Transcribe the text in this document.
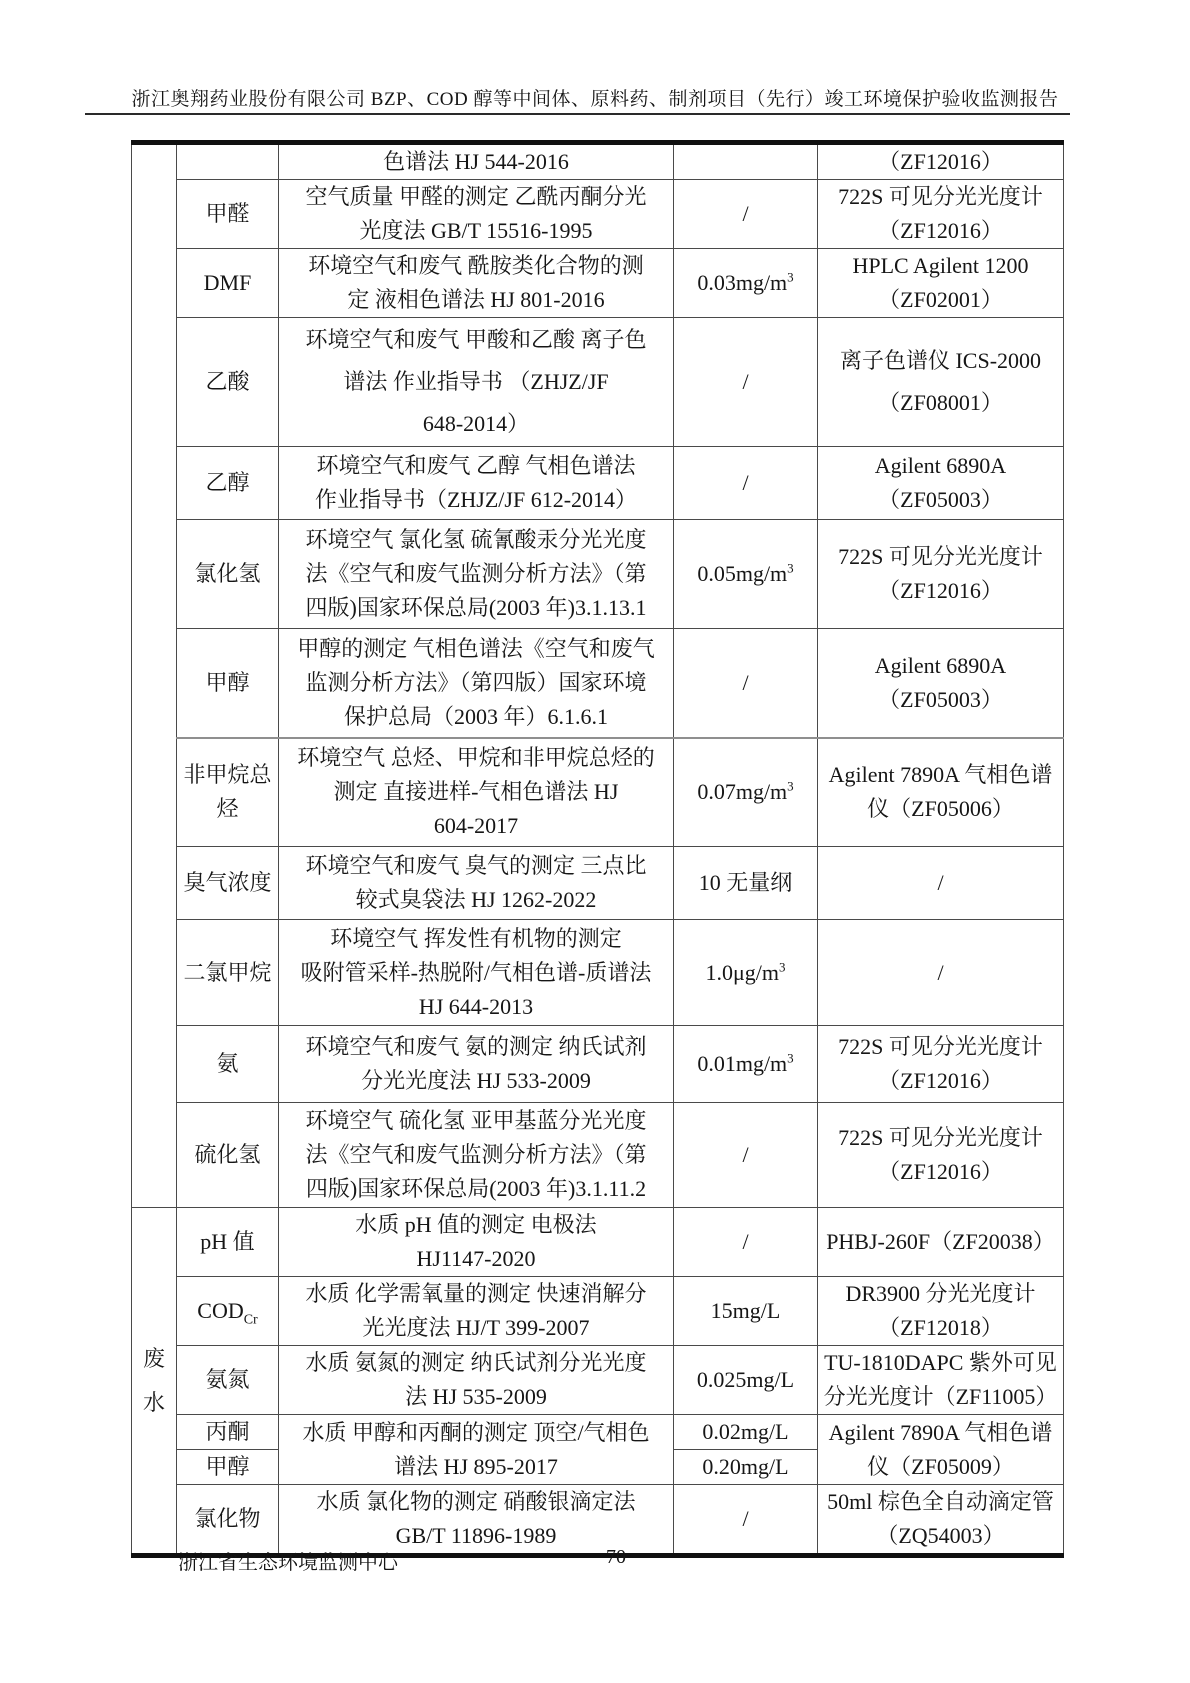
浙江奥翔药业股份有限公司 BZP、COD 醇等中间体、原料药、制剂项目（先行）竣工环境保护验收监测报告
		色谱法 HJ 544-2016		（ZF12016）
	甲醛	空气质量 甲醛的测定 乙酰丙酮分光
光度法 GB/T 15516-1995	/	722S 可见分光光度计
（ZF12016）
	DMF	环境空气和废气 酰胺类化合物的测
定 液相色谱法 HJ 801-2016	$0.03mg/m^3$	HPLC Agilent 1200
（ZF02001）
	乙酸	环境空气和废气 甲酸和乙酸 离子色
谱法 作业指导书 （ZHJZ/JF
648-2014）	/	离子色谱仪 ICS-2000
（ZF08001）
	乙醇	环境空气和废气 乙醇 气相色谱法
作业指导书（ZHJZ/JF 612-2014）	/	Agilent 6890A（ZF05003）
	氯化氢	环境空气 氯化氢 硫氰酸汞分光光度
法《空气和废气监测分析方法》（第
四版)国家环保总局(2003 年)3.1.13.1	$0.05mg/m^3$	722S 可见分光光度计
（ZF12016）
	甲醇	甲醇的测定 气相色谱法《空气和废气
监测分析方法》（第四版）国家环境
保护总局（2003 年）6.1.6.1	/	Agilent 6890A（ZF05003）
	非甲烷总烃	环境空气 总烃、甲烷和非甲烷总烃的
测定 直接进样-气相色谱法 HJ
604-2017	$0.07mg/m^3$	Agilent 7890A 气相色谱
仪（ZF05006）
	臭气浓度	环境空气和废气 臭气的测定 三点比
较式臭袋法 HJ 1262-2022	10 无量纲	/
	二氯甲烷	环境空气 挥发性有机物的测定
吸附管采样-热脱附/气相色谱-质谱法
HJ 644-2013	$1.0\mu g/m^3$	/
	氨	环境空气和废气 氨的测定 纳氏试剂
分光光度法 HJ 533-2009	$0.01mg/m^3$	722S 可见分光光度计
（ZF12016）
	硫化氢	环境空气 硫化氢 亚甲基蓝分光光度
法《空气和废气监测分析方法》（第
四版)国家环保总局(2003 年)3.1.11.2	/	722S 可见分光光度计
（ZF12016）

废
水	pH 值	水质 pH 值的测定 电极法
HJ1147-2020	/	PHBJ-260F（ZF20038）
	$COD_{Cr}$	水质 化学需氧量的测定 快速消解分
光光度法 HJ/T 399-2007	15mg/L	DR3900 分光光度计
（ZF12018）
	氨氮	水质 氨氮的测定 纳氏试剂分光光度
法 HJ 535-2009	0.025mg/L	TU-1810DAPC 紫外可见
分光光度计（ZF11005）
	丙酮	水质 甲醇和丙酮的测定 顶空/气相色
谱法 HJ 895-2017	0.02mg/L	Agilent 7890A 气相色谱
仪（ZF05009）
	甲醇		0.20mg/L	
	氯化物	水质 氯化物的测定 硝酸银滴定法
GB/T 11896-1989	/	50ml 棕色全自动滴定管
（ZQ54003）
浙江省生态环境监测中心	70
